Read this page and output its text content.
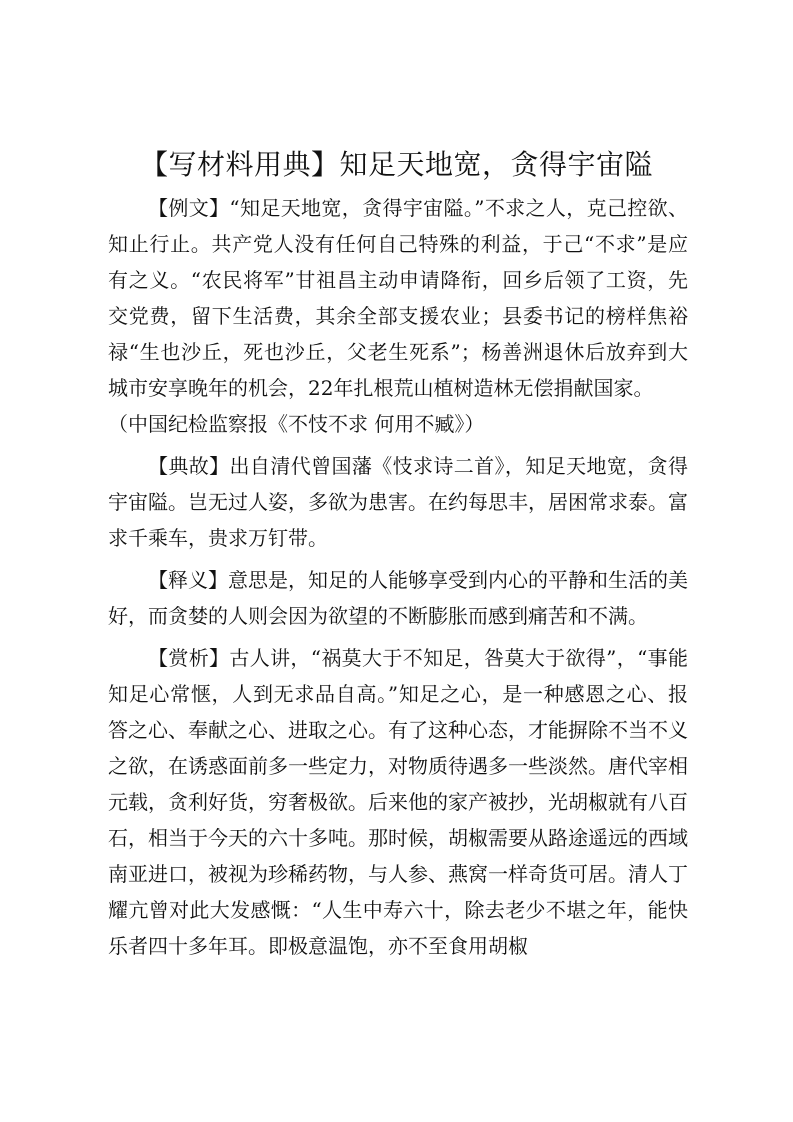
【写材料用典】知足天地宽，贪得宇宙隘

【例文】“知足天地宽，贪得宇宙隘。”不求之人，克己控欲、知止行止。共产党人没有任何自己特殊的利益，于己“不求”是应有之义。“农民将军”甘祖昌主动申请降衔，回乡后领了工资，先交党费，留下生活费，其余全部支援农业；县委书记的榜样焦裕禄“生也沙丘，死也沙丘，父老生死系”；杨善洲退休后放弃到大城市安享晚年的机会，22年扎根荒山植树造林无偿捐献国家。

（中国纪检监察报《不忮不求 何用不臧》）

【典故】出自清代曾国藩《忮求诗二首》，知足天地宽，贪得宇宙隘。岂无过人姿，多欲为患害。在约每思丰，居困常求泰。富求千乘车，贵求万钉带。

【释义】意思是，知足的人能够享受到内心的平静和生活的美好，而贪婪的人则会因为欲望的不断膨胀而感到痛苦和不满。

【赏析】古人讲，“祸莫大于不知足，咎莫大于欲得”，“事能知足心常惬，人到无求品自高。”知足之心，是一种感恩之心、报答之心、奉献之心、进取之心。有了这种心态，才能摒除不当不义之欲，在诱惑面前多一些定力，对物质待遇多一些淡然。唐代宰相元载，贪利好货，穷奢极欲。后来他的家产被抄，光胡椒就有八百石，相当于今天的六十多吨。那时候，胡椒需要从路途遥远的西域南亚进口，被视为珍稀药物，与人参、燕窝一样奇货可居。清人丁耀亢曾对此大发感慨：“人生中寿六十，除去老少不堪之年，能快乐者四十多年耳。即极意温饱，亦不至食用胡椒
